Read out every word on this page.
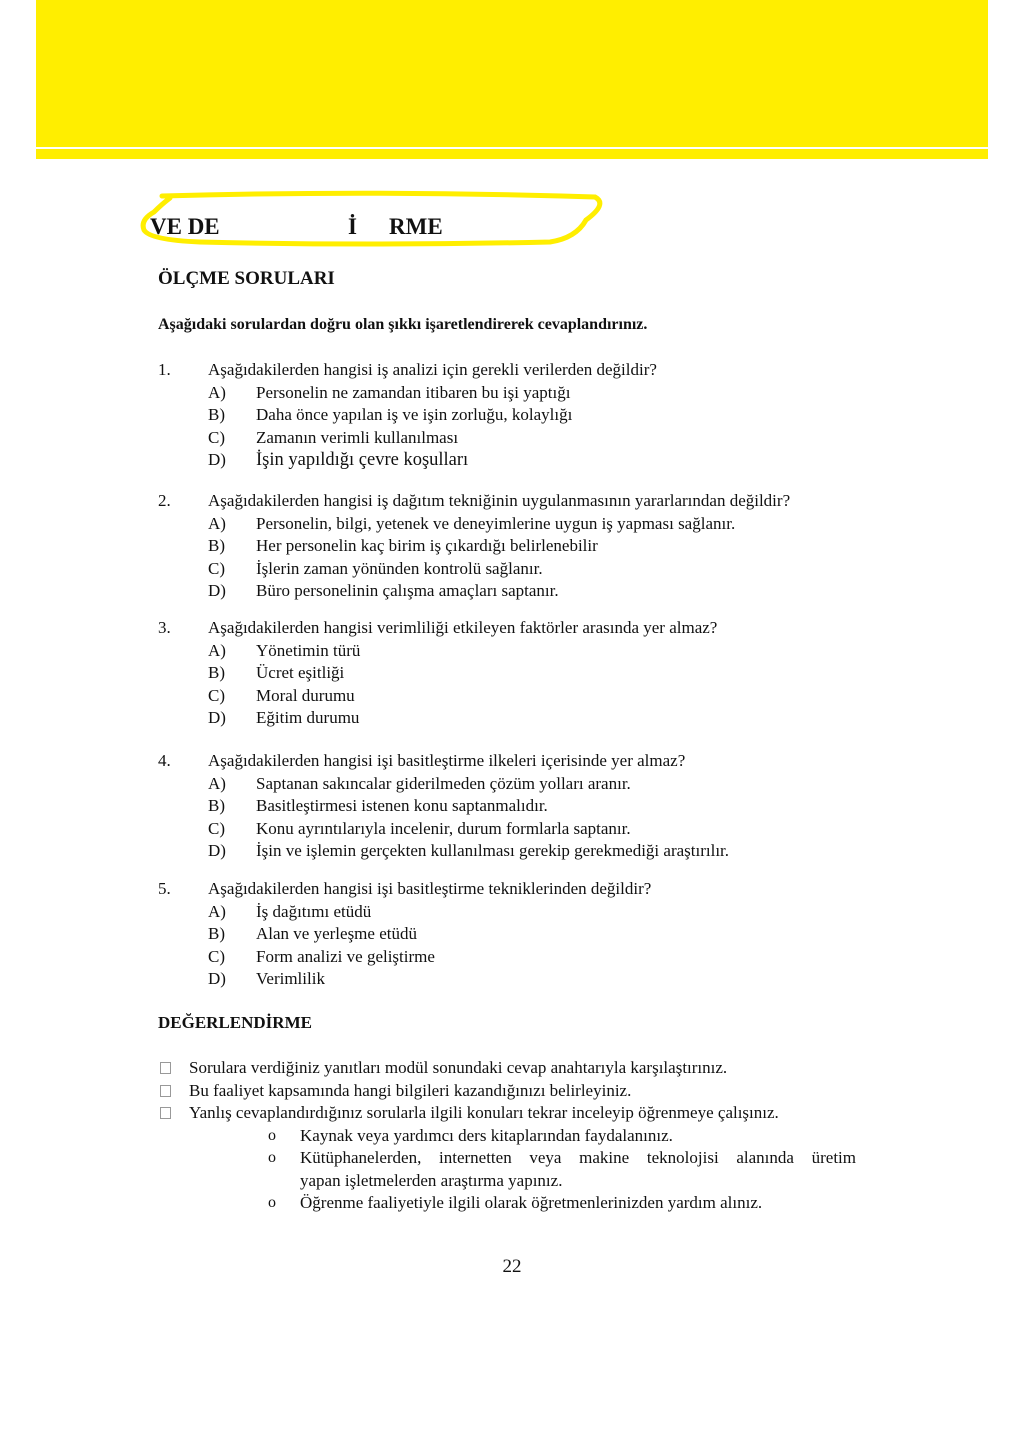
VE DE	İ RME
ÖLÇME SORULARI
Aşağıdaki sorulardan doğru olan şıkkı işaretlendirerek cevaplandırınız.
1. Aşağıdakilerden hangisi iş analizi için gerekli verilerden değildir?
A) Personelin ne zamandan itibaren bu işi yaptığı
B) Daha önce yapılan iş ve işin zorluğu, kolaylığı
C) Zamanın verimli kullanılması
D) İşin yapıldığı çevre koşulları
2. Aşağıdakilerden hangisi iş dağıtım tekniğinin uygulanmasının yararlarından değildir?
A) Personelin, bilgi, yetenek ve deneyimlerine uygun iş yapması sağlanır.
B) Her personelin kaç birim iş çıkardığı belirlenebilir
C) İşlerin zaman yönünden kontrolü sağlanır.
D) Büro personelinin çalışma amaçları saptanır.
3. Aşağıdakilerden hangisi verimliliği etkileyen faktörler arasında yer almaz?
A) Yönetimin türü
B) Ücret eşitliği
C) Moral durumu
D) Eğitim durumu
4. Aşağıdakilerden hangisi işi basitleştirme ilkeleri içerisinde yer almaz?
A) Saptanan sakıncalar giderilmeden çözüm yolları aranır.
B) Basitleştirmesi istenen konu saptanmalıdır.
C) Konu ayrıntılarıyla incelenir, durum formlarla saptanır.
D) İşin ve işlemin gerçekten kullanılması gerekip gerekmediği araştırılır.
5. Aşağıdakilerden hangisi işi basitleştirme tekniklerinden değildir?
A) İş dağıtımı etüdü
B) Alan ve yerleşme etüdü
C) Form analizi ve geliştirme
D) Verimlilik
DEĞERLENDİRME
Sorulara verdiğiniz yanıtları modül sonundaki cevap anahtarıyla karşılaştırınız.
Bu faaliyet kapsamında hangi bilgileri kazandığınızı belirleyiniz.
Yanlış cevaplandırdığınız sorularla ilgili konuları tekrar inceleyip öğrenmeye çalışınız.
o Kaynak veya yardımcı ders kitaplarından faydalanınız.
o Kütüphanelerden, internetten veya makine teknolojisi alanında üretim
yapan işletmelerden araştırma yapınız.
o Öğrenme faaliyetiyle ilgili olarak öğretmenlerinizden yardım alınız.
22
